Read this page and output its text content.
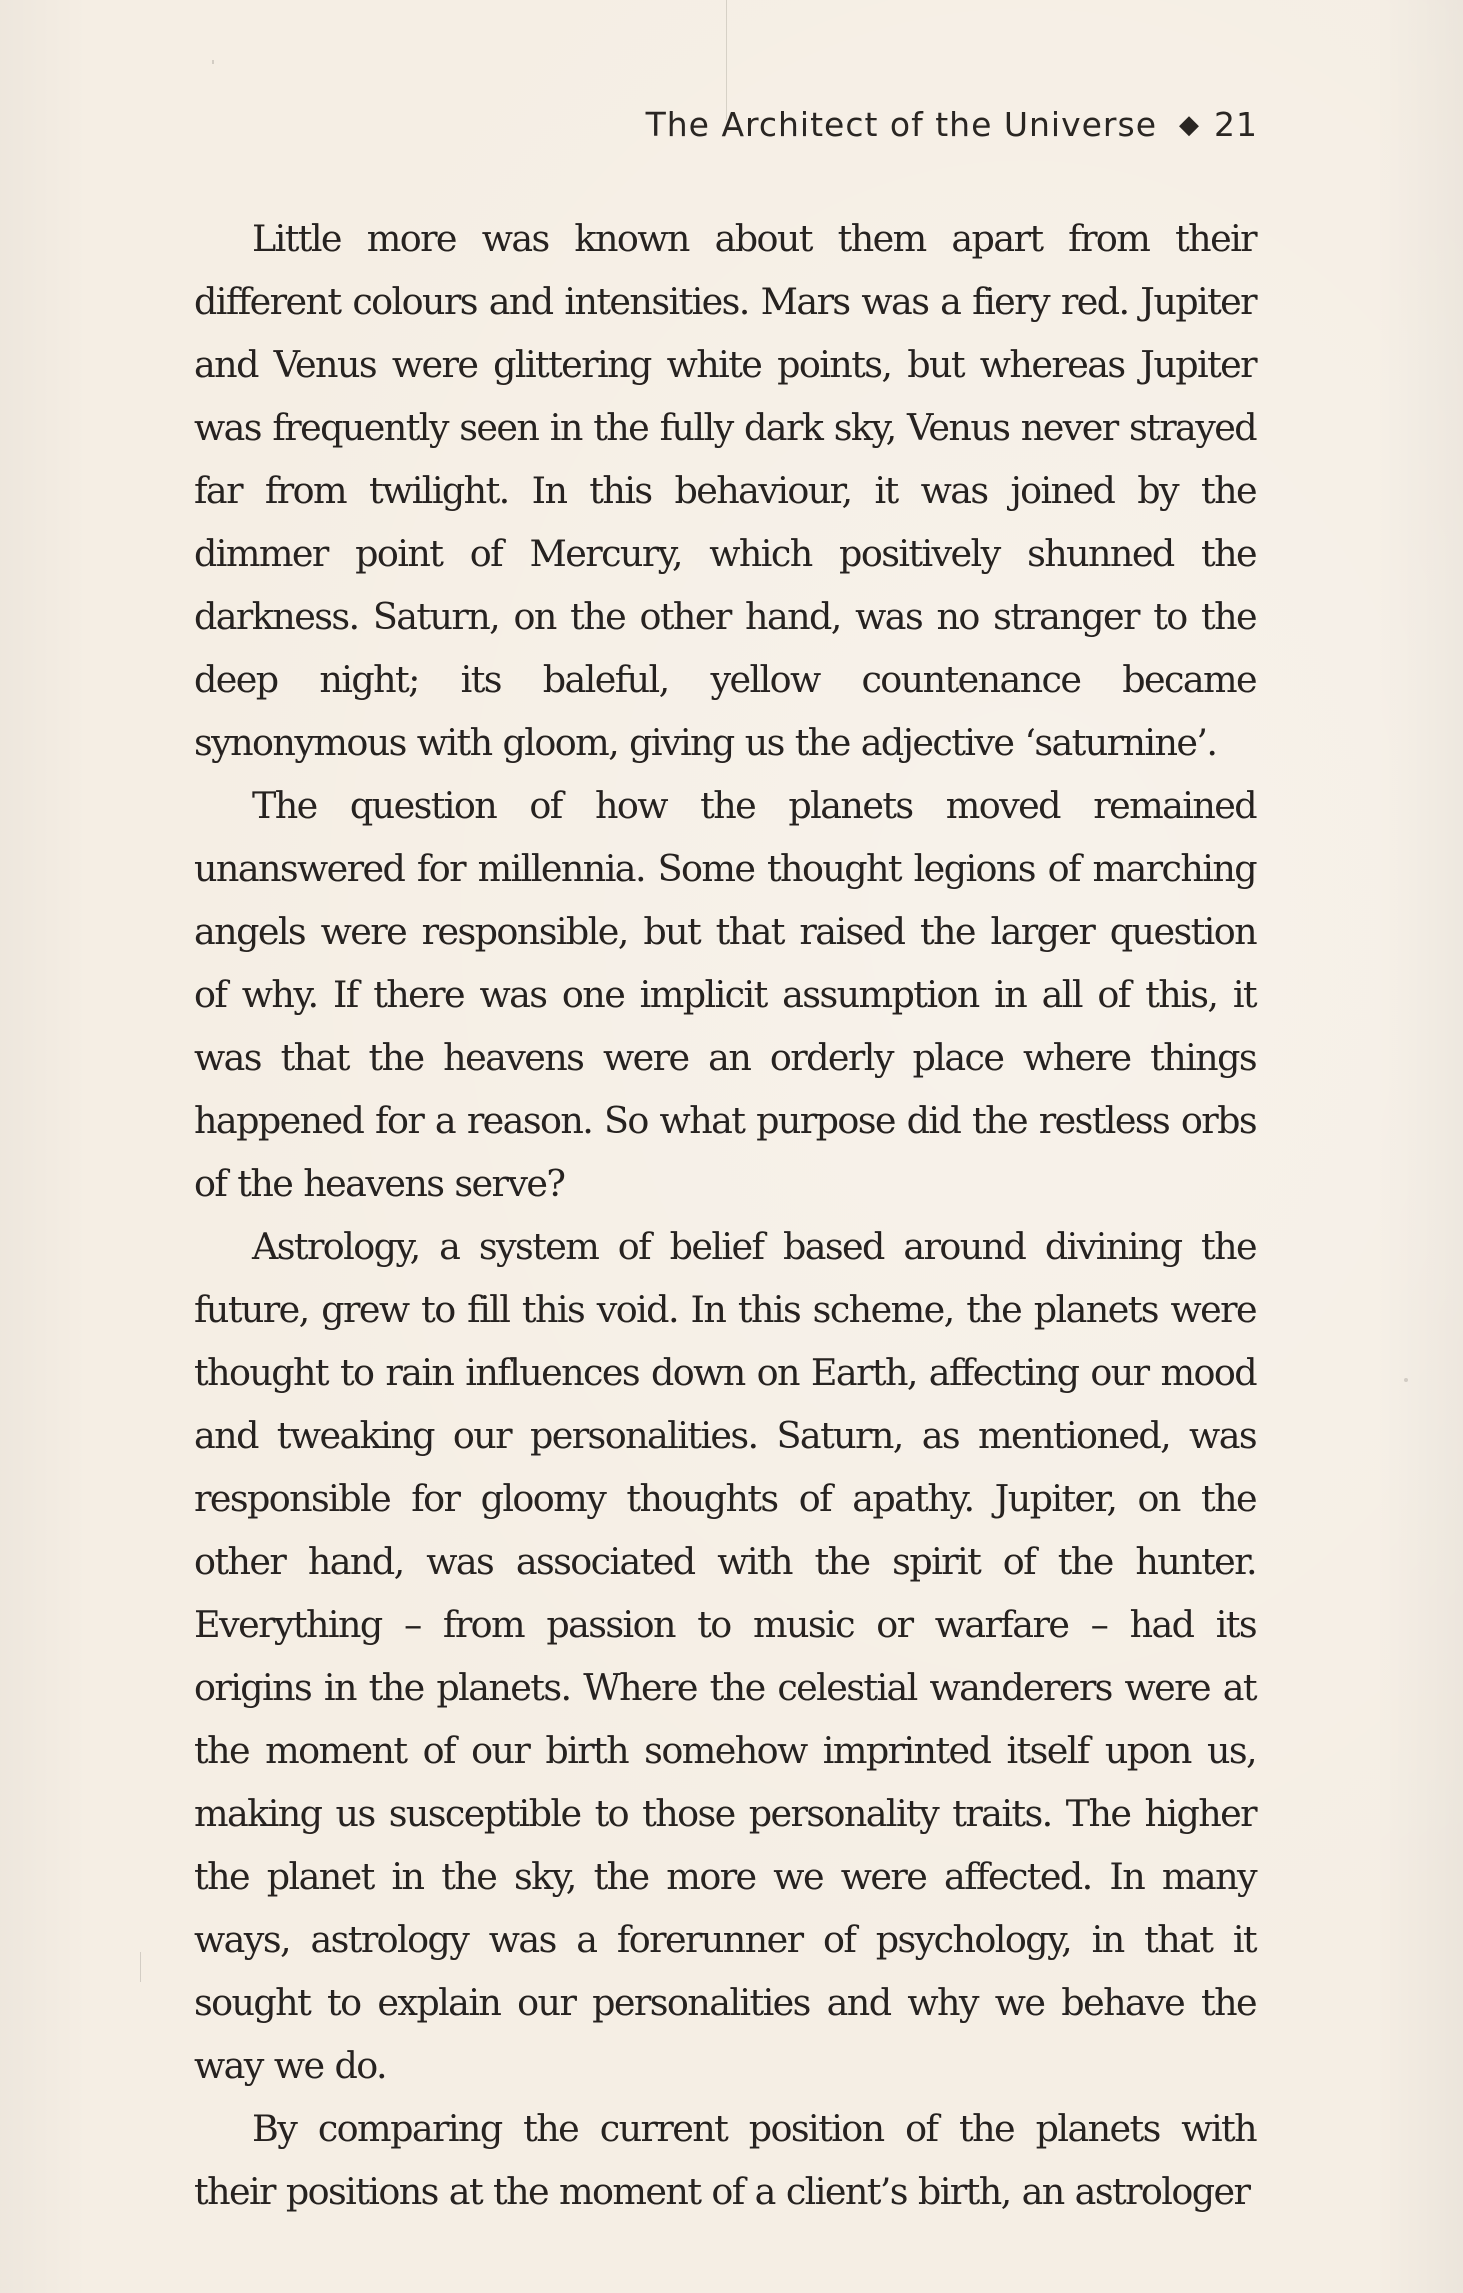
The Architect of the Universe ◆ 21

Little more was known about them apart from their different colours and intensities. Mars was a fiery red. Jupiter and Venus were glittering white points, but whereas Jupiter was frequently seen in the fully dark sky, Venus never strayed far from twilight. In this behaviour, it was joined by the dimmer point of Mercury, which positively shunned the darkness. Saturn, on the other hand, was no stranger to the deep night; its baleful, yellow countenance became synonymous with gloom, giving us the adjective ‘saturnine’.

The question of how the planets moved remained unanswered for millennia. Some thought legions of marching angels were responsible, but that raised the larger question of why. If there was one implicit assumption in all of this, it was that the heavens were an orderly place where things happened for a reason. So what purpose did the restless orbs of the heavens serve?

Astrology, a system of belief based around divining the future, grew to fill this void. In this scheme, the planets were thought to rain influences down on Earth, affecting our mood and tweaking our personalities. Saturn, as mentioned, was responsible for gloomy thoughts of apathy. Jupiter, on the other hand, was associated with the spirit of the hunter. Everything – from passion to music or warfare – had its origins in the planets. Where the celestial wanderers were at the moment of our birth somehow imprinted itself upon us, making us susceptible to those personality traits. The higher the planet in the sky, the more we were affected. In many ways, astrology was a forerunner of psychology, in that it sought to explain our personalities and why we behave the way we do.

By comparing the current position of the planets with their positions at the moment of a client’s birth, an astrologer
